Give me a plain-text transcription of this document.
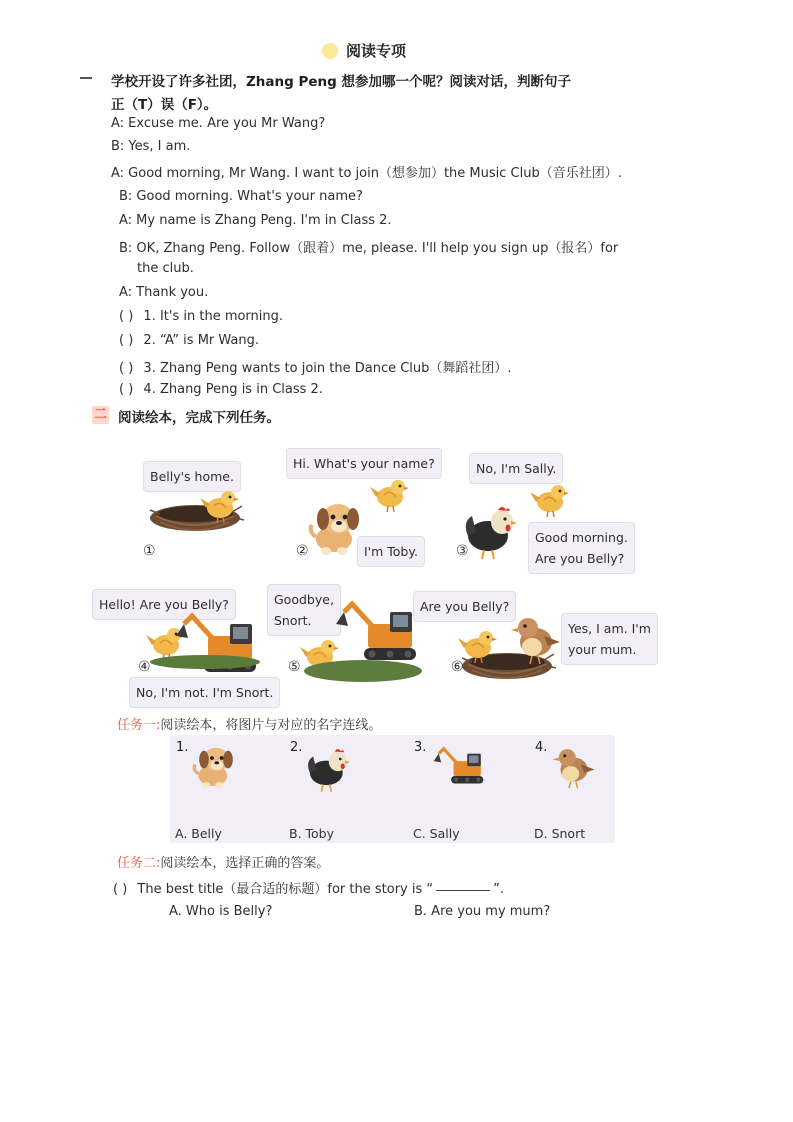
阅读专项
学校开设了许多社团，Zhang Peng 想参加哪一个呢？阅读对话，判断句子
正（T）误（F）。
A: Excuse me. Are you Mr Wang?
B: Yes, I am.
A: Good morning, Mr Wang. I want to join（想参加）the Music Club（音乐社团）.
B: Good morning. What's your name?
A: My name is Zhang Peng. I'm in Class 2.
B: OK, Zhang Peng. Follow（跟着）me, please. I'll help you sign up（报名）for
the club.
A: Thank you.
( ) 1. It's in the morning.
( ) 2. “A” is Mr Wang.
( ) 3. Zhang Peng wants to join the Dance Club（舞蹈社团）.
( ) 4. Zhang Peng is in Class 2.
二 阅读绘本，完成下列任务。
Belly's home.
①
Hi. What's your name?
I'm Toby.
②
No, I'm Sally.
Good morning.
Are you Belly?
③
Hello! Are you Belly?
No, I'm not. I'm Snort.
④
Goodbye,
Snort.
⑤
Are you Belly?
Yes, I am. I'm
your mum.
⑥
任务一:阅读绘本，将图片与对应的名字连线。
1.	2.	3.	4.
A. Belly	B. Toby	C. Sally	D. Snort
任务二:阅读绘本，选择正确的答案。
( ) The best title（最合适的标题）for the story is “	”.
A. Who is Belly?	B. Are you my mum?
